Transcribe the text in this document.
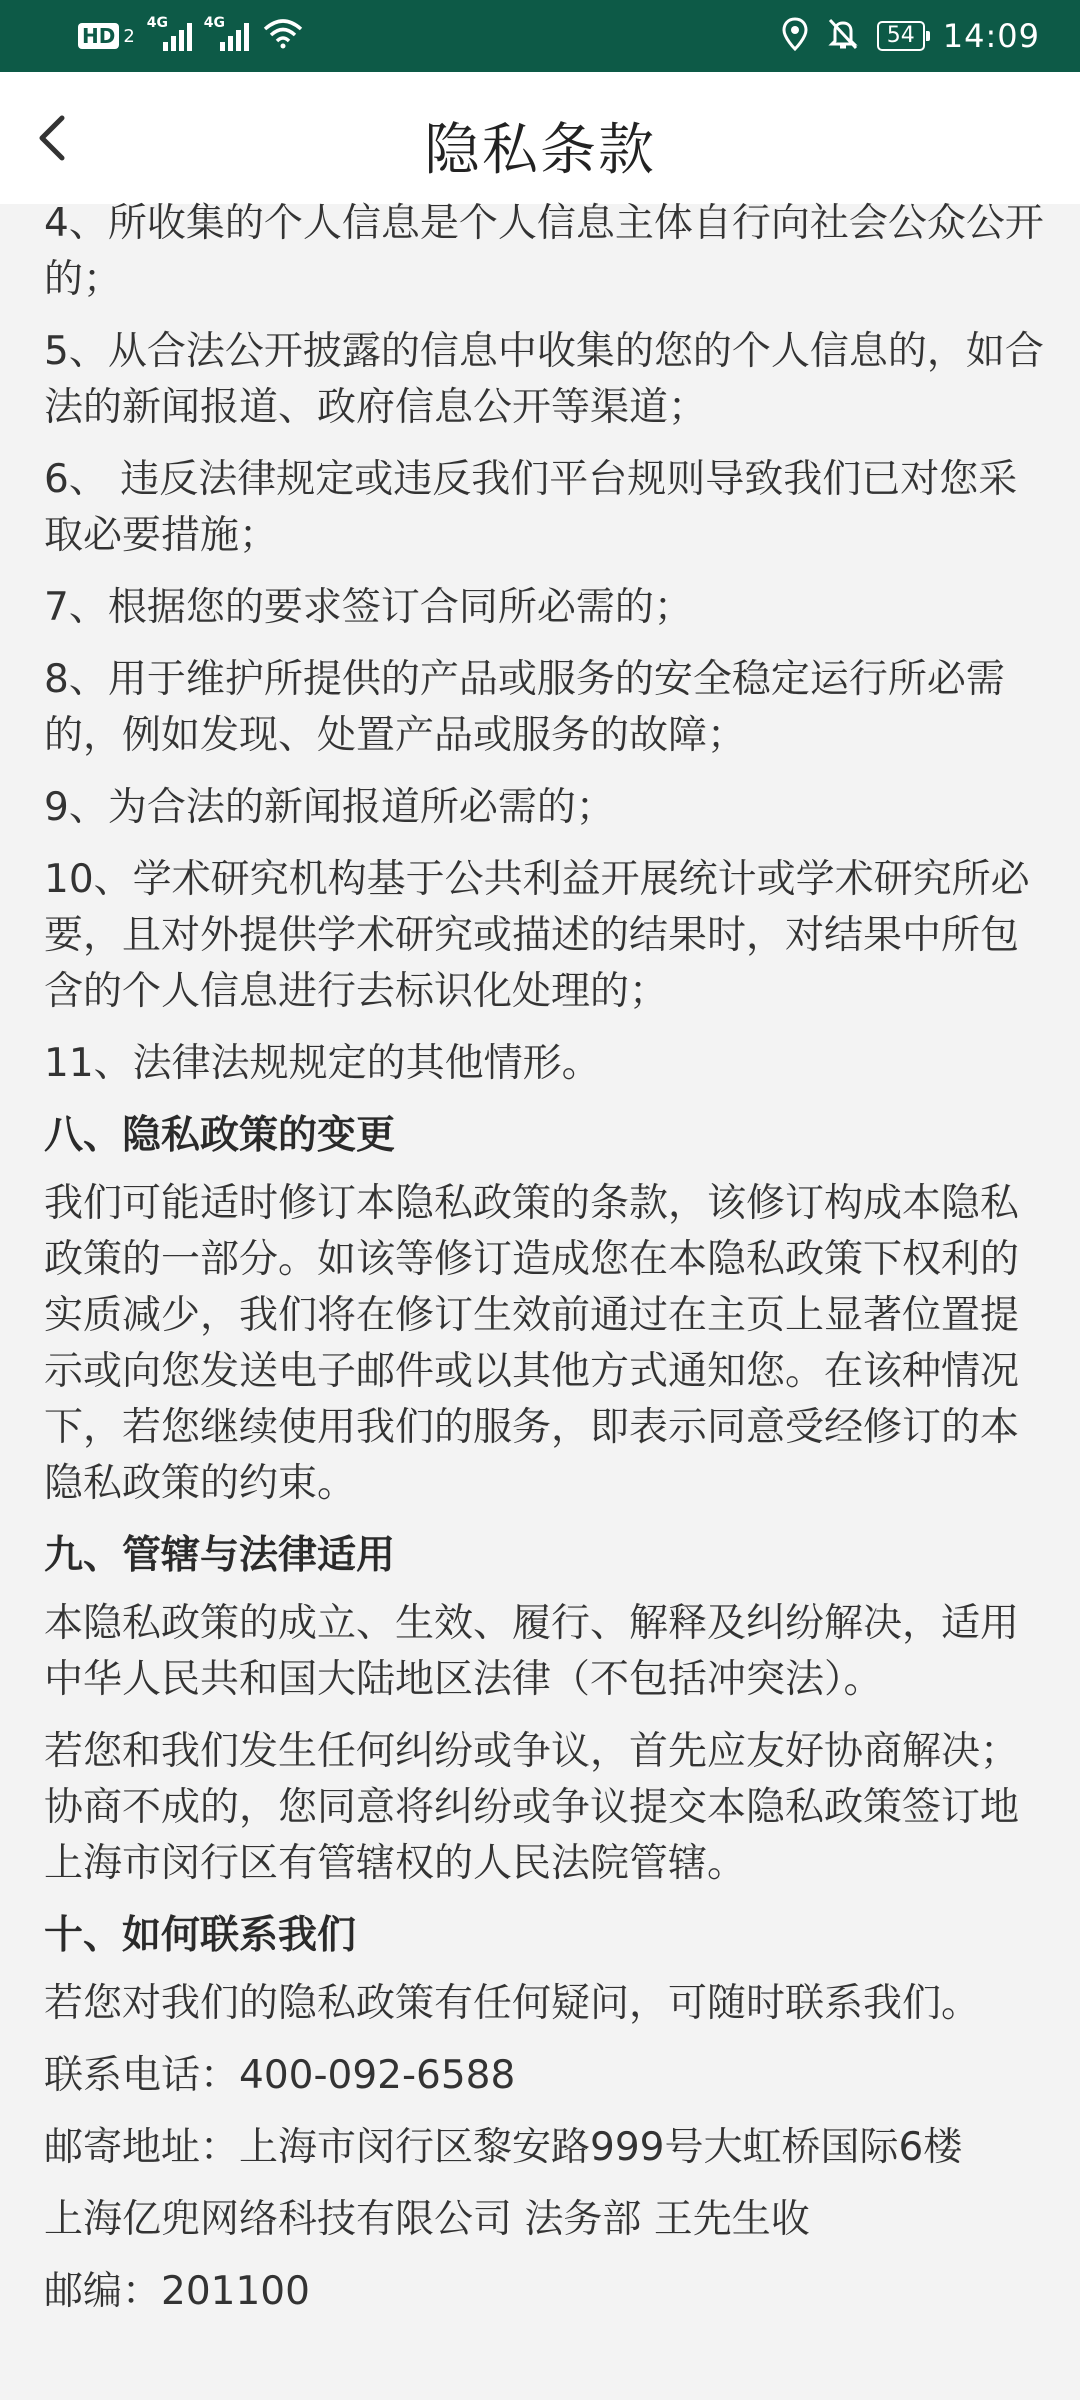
HD 2
4G	4G	54 14:09
隐私条款

4、所收集的个人信息是个人信息主体自行向社会公众公开的；

5、从合法公开披露的信息中收集的您的个人信息的，如合法的新闻报道、政府信息公开等渠道；

6、 违反法律规定或违反我们平台规则导致我们已对您采取必要措施；

7、根据您的要求签订合同所必需的；

8、用于维护所提供的产品或服务的安全稳定运行所必需的，例如发现、处置产品或服务的故障；

9、为合法的新闻报道所必需的；

10、学术研究机构基于公共利益开展统计或学术研究所必要，且对外提供学术研究或描述的结果时，对结果中所包含的个人信息进行去标识化处理的；

11、法律法规规定的其他情形。

八、隐私政策的变更

我们可能适时修订本隐私政策的条款，该修订构成本隐私政策的一部分。如该等修订造成您在本隐私政策下权利的实质减少，我们将在修订生效前通过在主页上显著位置提示或向您发送电子邮件或以其他方式通知您。在该种情况下，若您继续使用我们的服务，即表示同意受经修订的本隐私政策的约束。

九、管辖与法律适用

本隐私政策的成立、生效、履行、解释及纠纷解决，适用中华人民共和国大陆地区法律（不包括冲突法）。

若您和我们发生任何纠纷或争议，首先应友好协商解决；协商不成的，您同意将纠纷或争议提交本隐私政策签订地上海市闵行区有管辖权的人民法院管辖。

十、如何联系我们

若您对我们的隐私政策有任何疑问，可随时联系我们。

联系电话：400-092-6588

邮寄地址：上海市闵行区黎安路999号大虹桥国际6楼

上海亿兜网络科技有限公司 法务部 王先生收

邮编：201100
